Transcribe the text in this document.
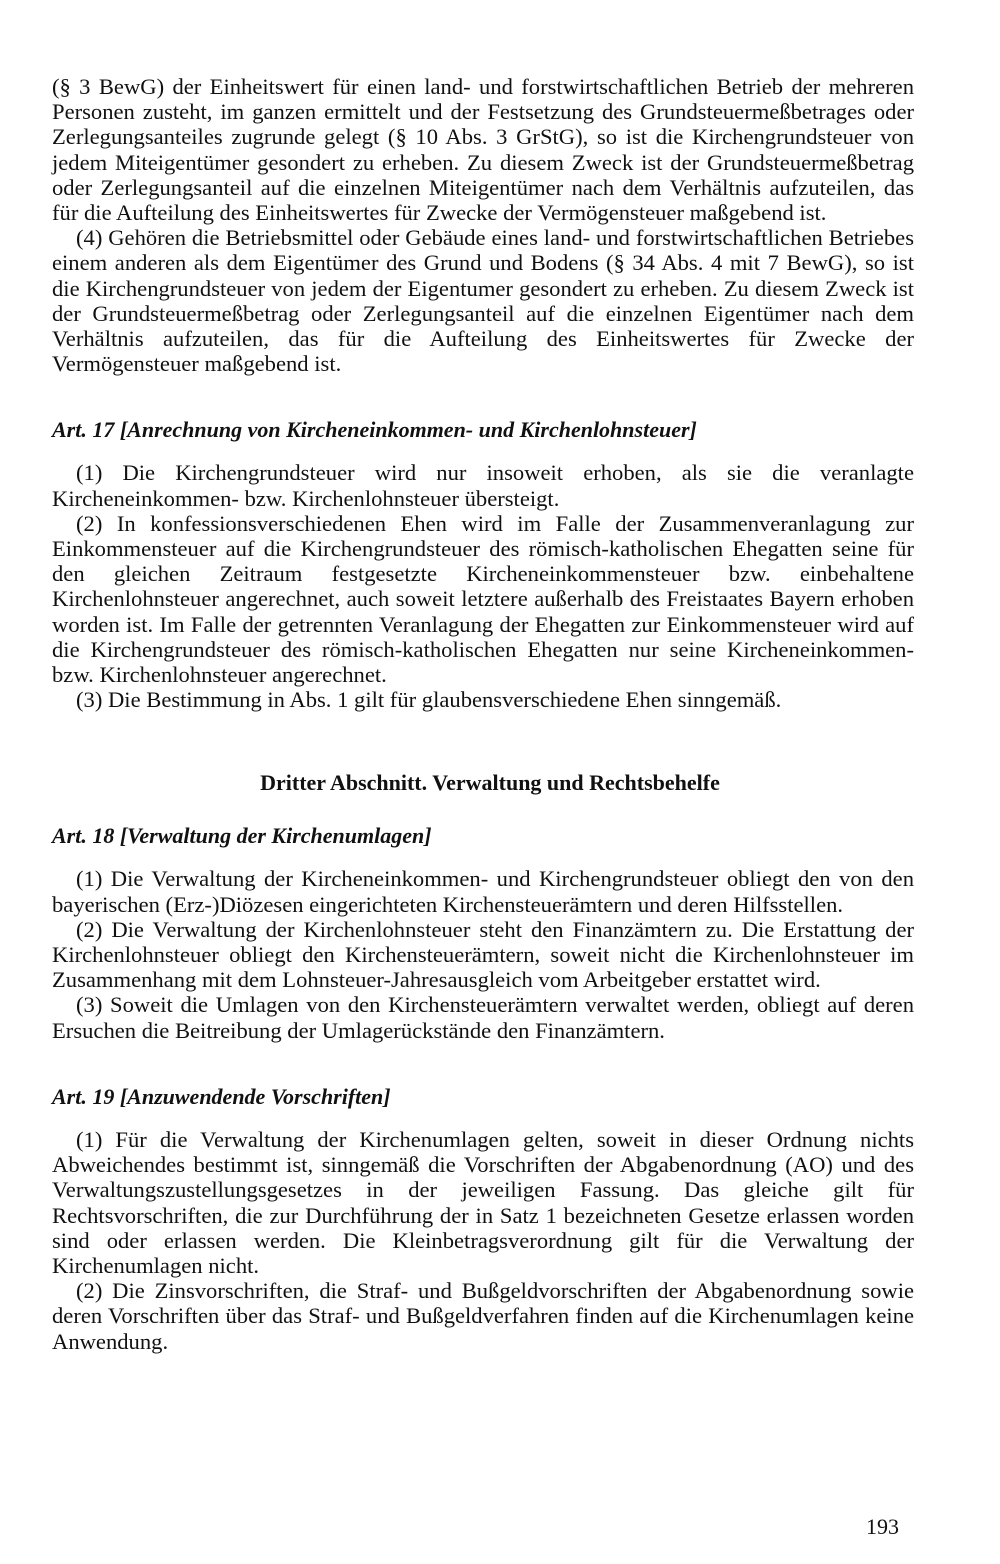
(§ 3 BewG) der Einheitswert für einen land- und forstwirtschaftlichen Betrieb der mehreren Personen zusteht, im ganzen ermittelt und der Festsetzung des Grundsteuermeßbetrages oder Zerlegungsanteiles zugrunde gelegt (§ 10 Abs. 3 GrStG), so ist die Kirchengrundsteuer von jedem Miteigentümer gesondert zu erheben. Zu diesem Zweck ist der Grundsteuermeßbetrag oder Zerlegungsanteil auf die einzelnen Miteigentümer nach dem Verhältnis aufzuteilen, das für die Aufteilung des Einheitswertes für Zwecke der Vermögensteuer maßgebend ist.

(4) Gehören die Betriebsmittel oder Gebäude eines land- und forstwirtschaftlichen Betriebes einem anderen als dem Eigentümer des Grund und Bodens (§ 34 Abs. 4 mit 7 BewG), so ist die Kirchengrundsteuer von jedem der Eigentumer gesondert zu erheben. Zu diesem Zweck ist der Grundsteuermeßbetrag oder Zerlegungsanteil auf die einzelnen Eigentümer nach dem Verhältnis aufzuteilen, das für die Aufteilung des Einheitswertes für Zwecke der Vermögensteuer maßgebend ist.

Art. 17 [Anrechnung von Kircheneinkommen- und Kirchenlohnsteuer]

(1) Die Kirchengrundsteuer wird nur insoweit erhoben, als sie die veranlagte Kircheneinkommen- bzw. Kirchenlohnsteuer übersteigt.

(2) In konfessionsverschiedenen Ehen wird im Falle der Zusammenveranlagung zur Einkommensteuer auf die Kirchengrundsteuer des römisch-katholischen Ehegatten seine für den gleichen Zeitraum festgesetzte Kircheneinkommensteuer bzw. einbehaltene Kirchenlohnsteuer angerechnet, auch soweit letztere außerhalb des Freistaates Bayern erhoben worden ist. Im Falle der getrennten Veranlagung der Ehegatten zur Einkommensteuer wird auf die Kirchengrundsteuer des römisch-katholischen Ehegatten nur seine Kircheneinkommen- bzw. Kirchenlohnsteuer angerechnet.

(3) Die Bestimmung in Abs. 1 gilt für glaubensverschiedene Ehen sinngemäß.

Dritter Abschnitt. Verwaltung und Rechtsbehelfe
Art. 18 [Verwaltung der Kirchenumlagen]

(1) Die Verwaltung der Kircheneinkommen- und Kirchengrundsteuer obliegt den von den bayerischen (Erz-)Diözesen eingerichteten Kirchensteuerämtern und deren Hilfsstellen.

(2) Die Verwaltung der Kirchenlohnsteuer steht den Finanzämtern zu. Die Erstattung der Kirchenlohnsteuer obliegt den Kirchensteuerämtern, soweit nicht die Kirchenlohnsteuer im Zusammenhang mit dem Lohnsteuer-Jahresausgleich vom Arbeitgeber erstattet wird.

(3) Soweit die Umlagen von den Kirchensteuerämtern verwaltet werden, obliegt auf deren Ersuchen die Beitreibung der Umlagerückstände den Finanzämtern.

Art. 19 [Anzuwendende Vorschriften]

(1) Für die Verwaltung der Kirchenumlagen gelten, soweit in dieser Ordnung nichts Abweichendes bestimmt ist, sinngemäß die Vorschriften der Abgabenordnung (AO) und des Verwaltungszustellungsgesetzes in der jeweiligen Fassung. Das gleiche gilt für Rechtsvorschriften, die zur Durchführung der in Satz 1 bezeichneten Gesetze erlassen worden sind oder erlassen werden. Die Kleinbetragsverordnung gilt für die Verwaltung der Kirchenumlagen nicht.

(2) Die Zinsvorschriften, die Straf- und Bußgeldvorschriften der Abgabenordnung sowie deren Vorschriften über das Straf- und Bußgeldverfahren finden auf die Kirchenumlagen keine Anwendung.

193
